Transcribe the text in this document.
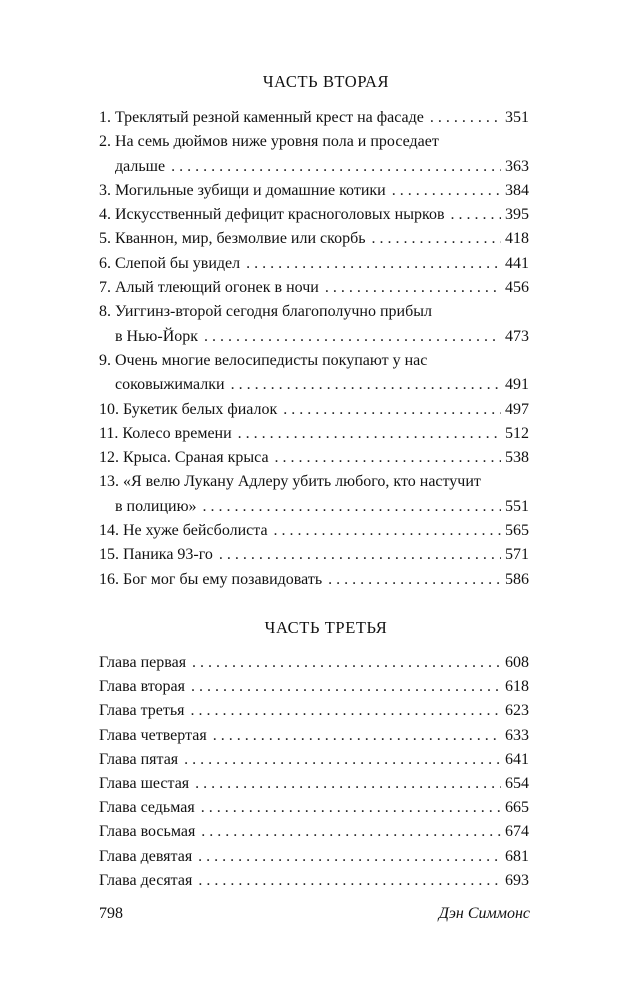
ЧАСТЬ ВТОРАЯ
1. Треклятый резной каменный крест на фасаде . . .	351
2. На семь дюймов ниже уровня пола и проседает
дальше . . .	363
3. Могильные зубищи и домашние котики . . .	384
4. Искусственный дефицит красноголовых нырков . . .	395
5. Кваннон, мир, безмолвие или скорбь . . .	418
6. Слепой бы увидел . . .	441
7. Алый тлеющий огонек в ночи . . .	456
8. Уиггинз-второй сегодня благополучно прибыл
в Нью-Йорк . . .	473
9. Очень многие велосипедисты покупают у нас
соковыжималки . . .	491
10. Букетик белых фиалок . . .	497
11. Колесо времени . . .	512
12. Крыса. Сраная крыса . . .	538
13. «Я велю Лукану Адлеру убить любого, кто настучит
в полицию» . . .	551
14. Не хуже бейсболиста . . .	565
15. Паника 93-го . . .	571
16. Бог мог бы ему позавидовать . . .	586
ЧАСТЬ ТРЕТЬЯ
Глава первая . . .	608
Глава вторая . . .	618
Глава третья . . .	623
Глава четвертая . . .	633
Глава пятая . . .	641
Глава шестая . . .	654
Глава седьмая . . .	665
Глава восьмая . . .	674
Глава девятая . . .	681
Глава десятая . . .	693
798	Дэн Симмонс
